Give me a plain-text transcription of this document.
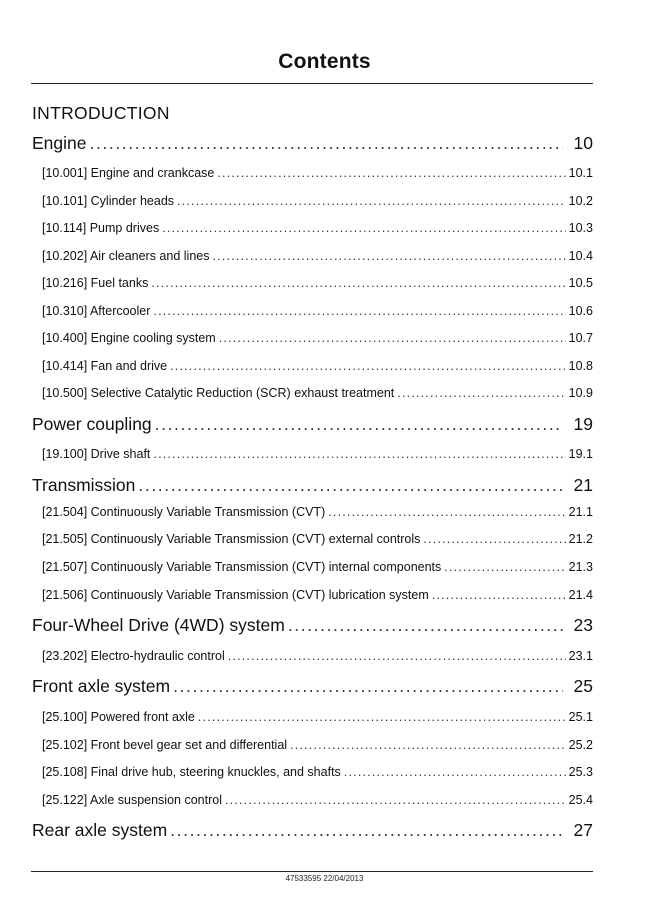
Contents
INTRODUCTION
Engine .....	10
[10.001] Engine and crankcase .....	10.1
[10.101] Cylinder heads .....	10.2
[10.114] Pump drives .....	10.3
[10.202] Air cleaners and lines .....	10.4
[10.216] Fuel tanks .....	10.5
[10.310] Aftercooler .....	10.6
[10.400] Engine cooling system .....	10.7
[10.414] Fan and drive .....	10.8
[10.500] Selective Catalytic Reduction (SCR) exhaust treatment .....	10.9
Power coupling .....	19
[19.100] Drive shaft .....	19.1
Transmission .....	21
[21.504] Continuously Variable Transmission (CVT) .....	21.1
[21.505] Continuously Variable Transmission (CVT) external controls .....	21.2
[21.507] Continuously Variable Transmission (CVT) internal components .....	21.3
[21.506] Continuously Variable Transmission (CVT) lubrication system .....	21.4
Four-Wheel Drive (4WD) system .....	23
[23.202] Electro-hydraulic control .....	23.1
Front axle system .....	25
[25.100] Powered front axle .....	25.1
[25.102] Front bevel gear set and differential .....	25.2
[25.108] Final drive hub, steering knuckles, and shafts .....	25.3
[25.122] Axle suspension control .....	25.4
Rear axle system .....	27
47533595 22/04/2013
